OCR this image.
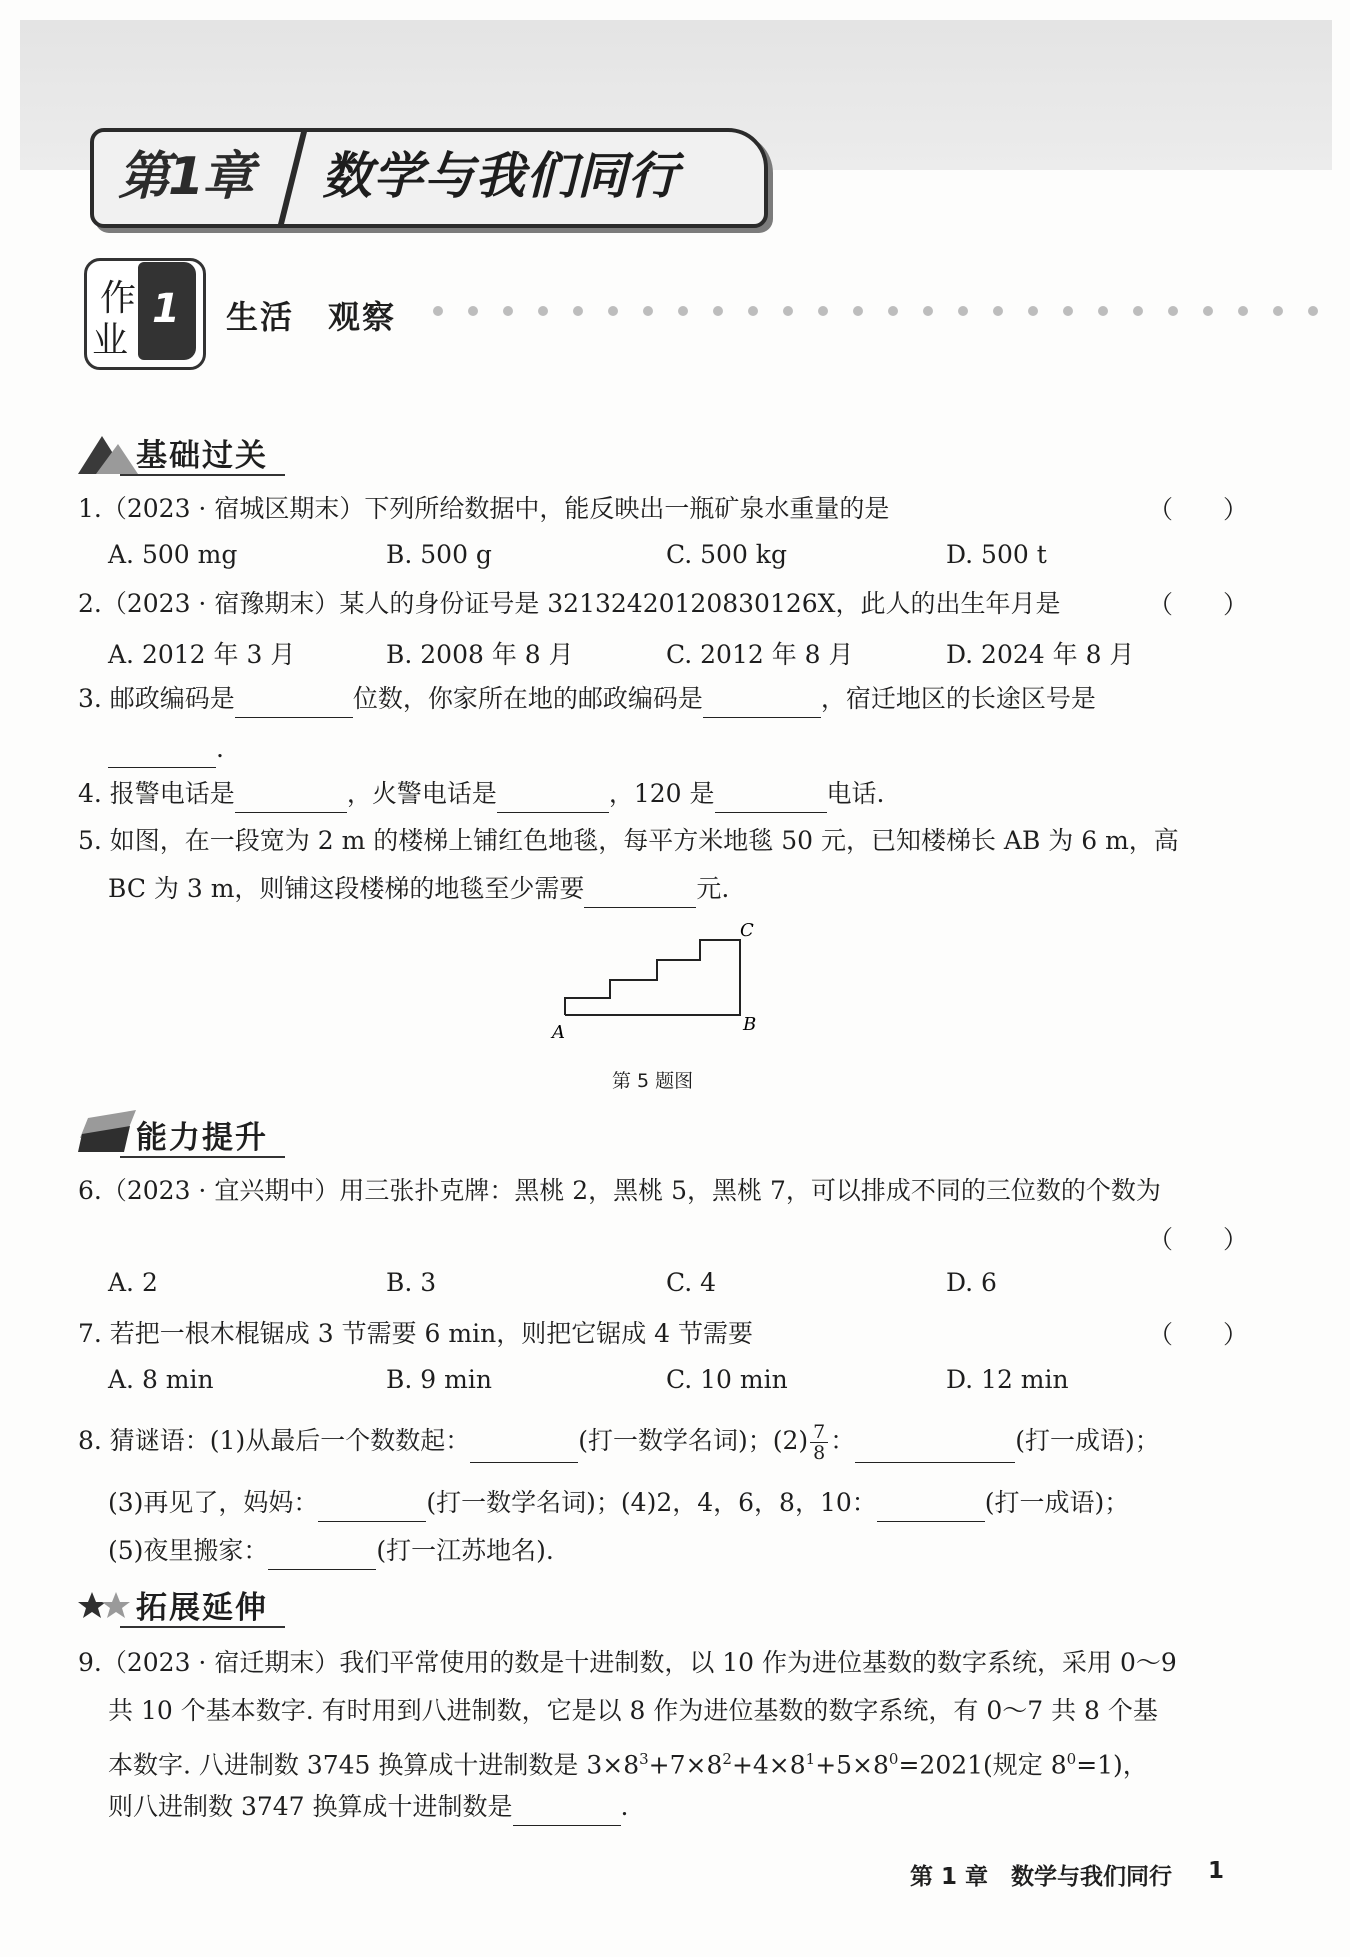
第1章 数学与我们同行
作
业
1 生活　观察
基础过关
1.（2023 · 宿城区期末）下列所给数据中，能反映出一瓶矿泉水重量的是	（　　）
A. 500 mg	B. 500 g	C. 500 kg	D. 500 t
2.（2023 · 宿豫期末）某人的身份证号是 32132420120830126X，此人的出生年月是	（　　）
A. 2012 年 3 月	B. 2008 年 8 月	C. 2012 年 8 月	D. 2024 年 8 月
3. 邮政编码是	位数，你家所在地的邮政编码是	，宿迁地区的长途区号是
.
4. 报警电话是	，火警电话是	，120 是	电话.
5. 如图，在一段宽为 2 m 的楼梯上铺红色地毯，每平方米地毯 50 元，已知楼梯长 AB 为 6 m，高
BC 为 3 m，则铺这段楼梯的地毯至少需要	元.
A	B
C
第 5 题图
能力提升
6.（2023 · 宜兴期中）用三张扑克牌：黑桃 2，黑桃 5，黑桃 7，可以排成不同的三位数的个数为
（　　）
A. 2	B. 3	C. 4	D. 6
7. 若把一根木棍锯成 3 节需要 6 min，则把它锯成 4 节需要	（　　）
A. 8 min	B. 9 min	C. 10 min	D. 12 min
8. 猜谜语：(1)从最后一个数数起：	(打一数学名词)；$(2) \frac{7}{8}$ ：	(打一成语)；
(3)再见了，妈妈：	(打一数学名词)；(4)2，4，6，8，10：	(打一成语)；
(5)夜里搬家：	(打一江苏地名).
拓展延伸
9.（2023 · 宿迁期末）我们平常使用的数是十进制数，以 10 作为进位基数的数字系统，采用 0～9
共 10 个基本数字. 有时用到八进制数，它是以 8 作为进位基数的数字系统，有 0～7 共 8 个基
本数字. 八进制数 3745 换算成十进制数是 $3\times 8^3+7\times 8^2+4\times 8^1+5\times 8^0=2021$(规定 $8^0=1$)，
则八进制数 3747 换算成十进制数是	.
第 1 章　数学与我们同行 1
